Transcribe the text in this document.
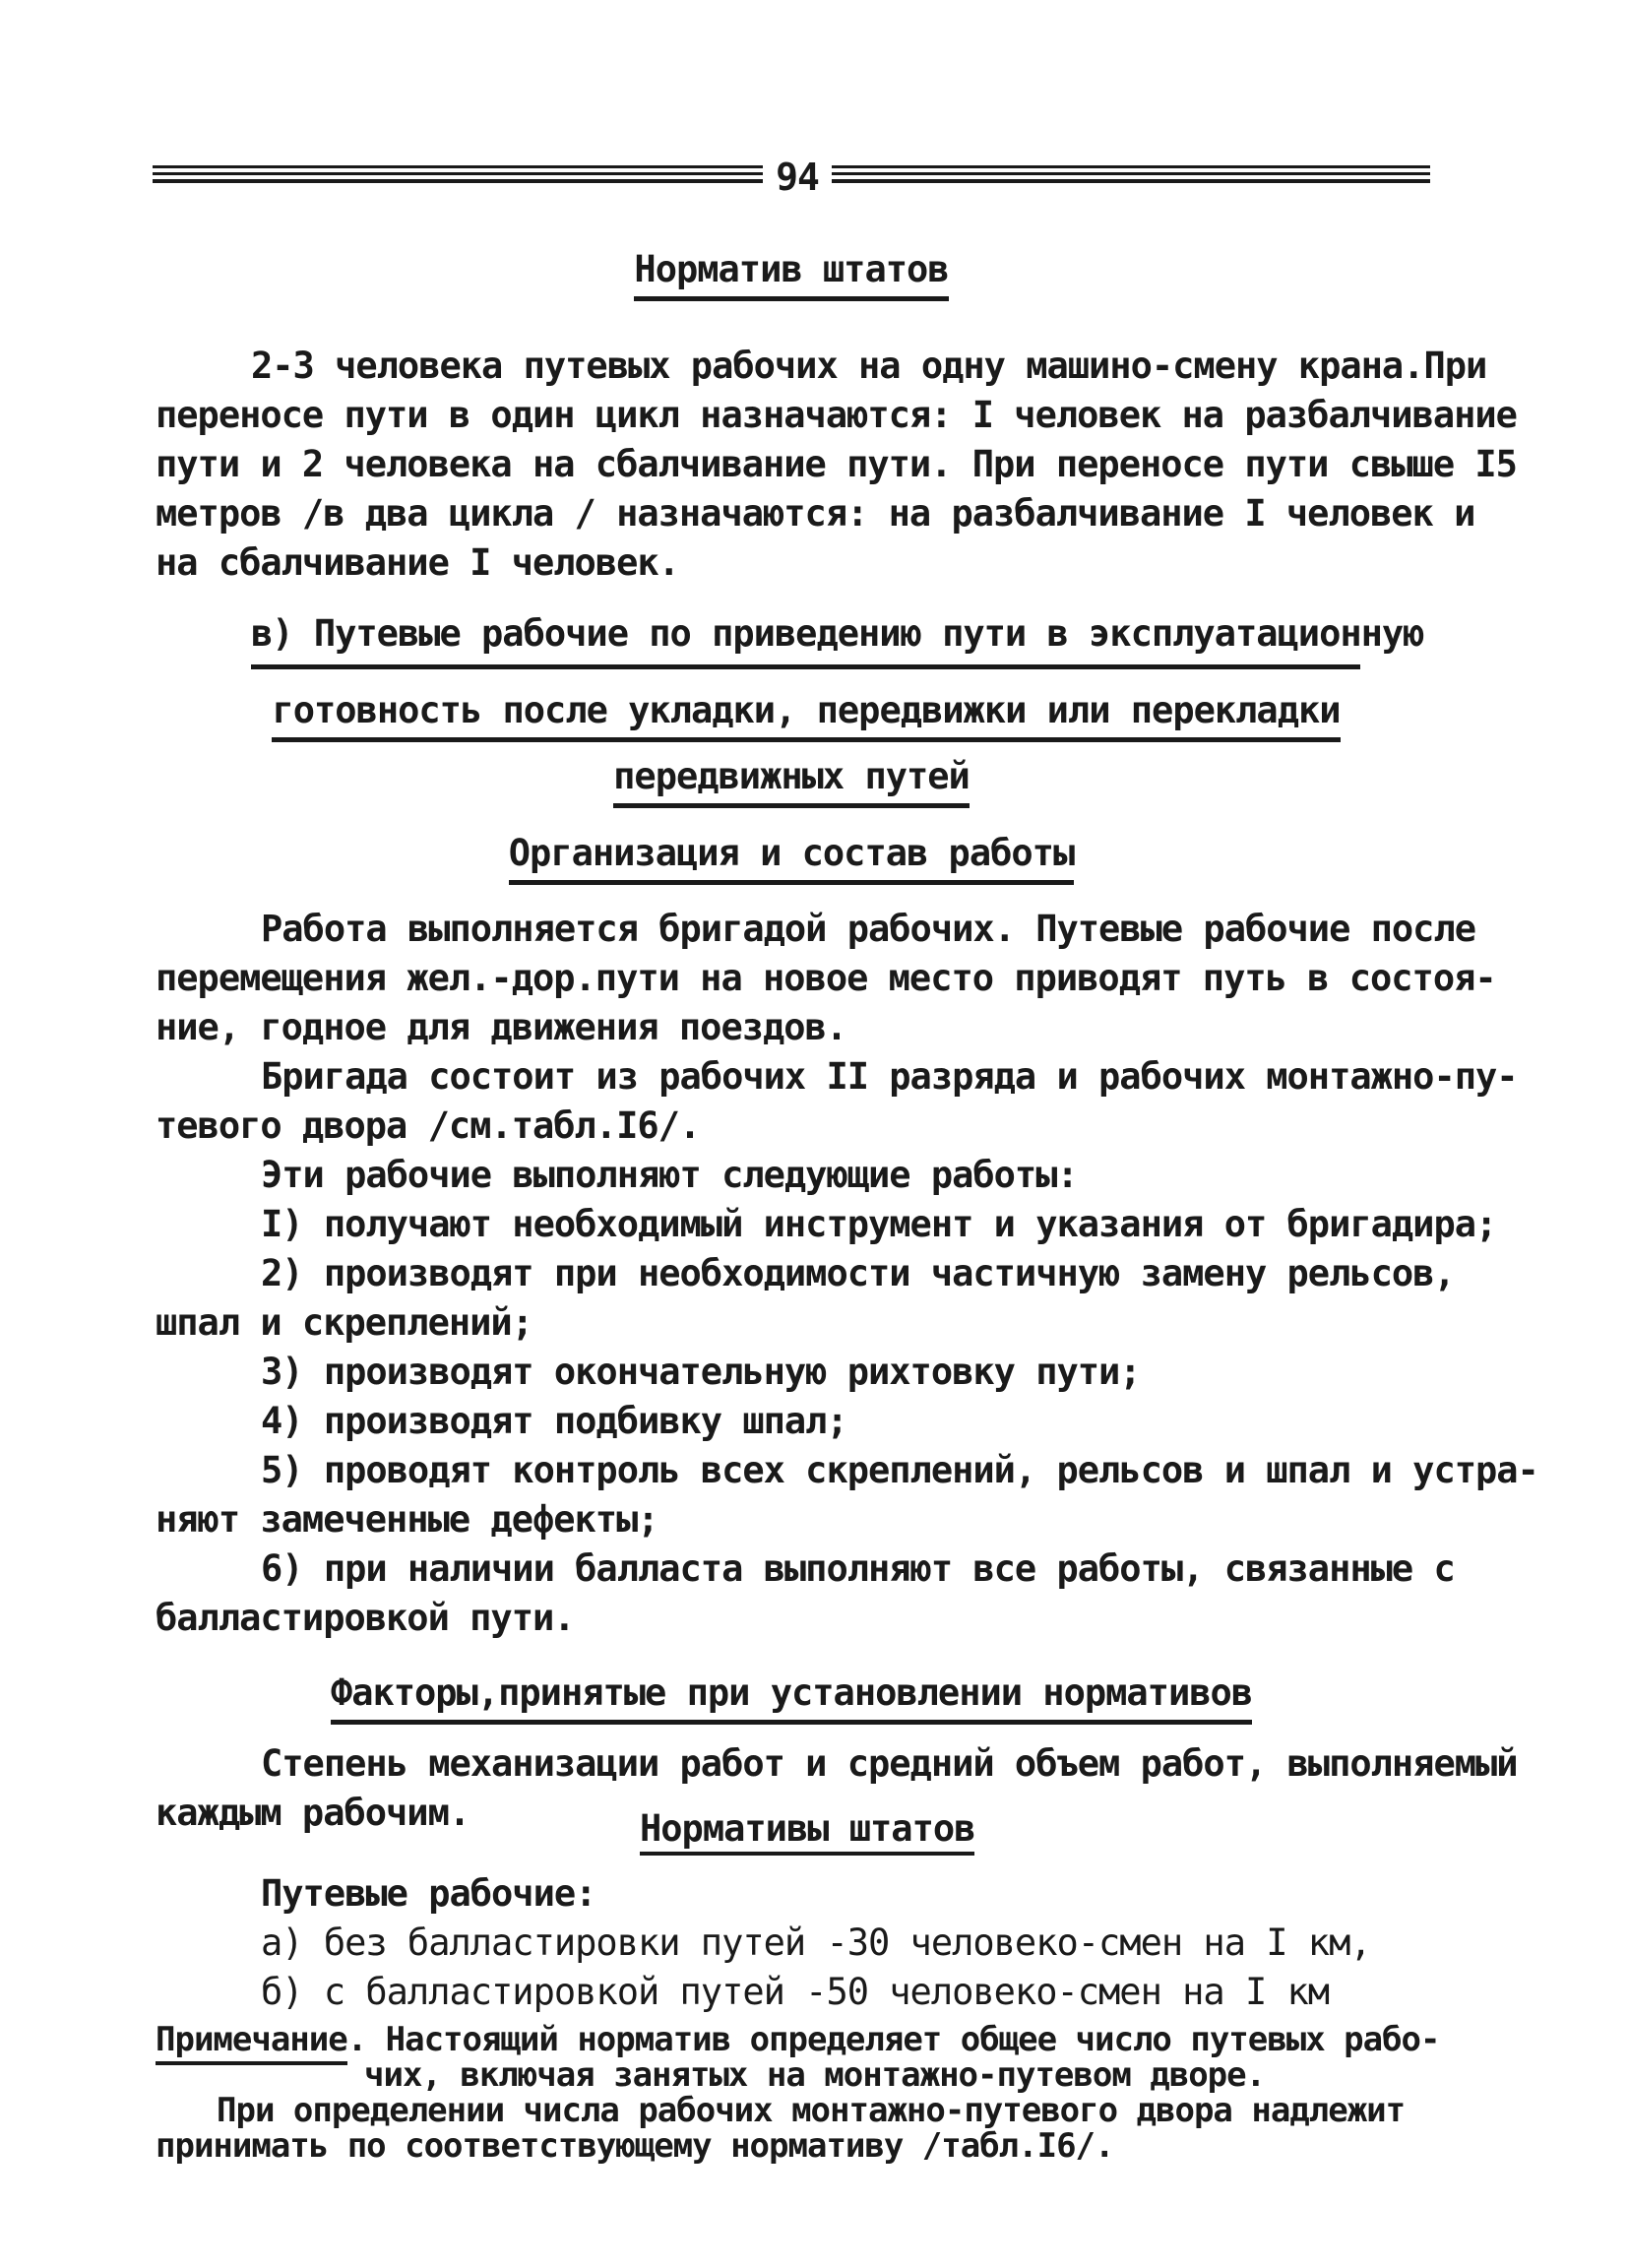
94
Норматив штатов
2-3 человека путевых рабочих на одну машино-смену крана.При
переносе пути в один цикл назначаются: I человек на разбалчивание
пути и 2 человека на сбалчивание пути. При переносе пути свыше I5
метров /в два цикла / назначаются: на разбалчивание I человек и
на сбалчивание I человек.
в) Путевые рабочие по приведению пути в эксплуатационную
готовность после укладки, передвижки или перекладки
передвижных путей
Организация и состав работы
Работа выполняется бригадой рабочих. Путевые рабочие после
перемещения жел.-дор.пути на новое место приводят путь в состоя-
ние, годное для движения поездов.
Бригада состоит из рабочих II разряда и рабочих монтажно-пу-
тевого двора /см.табл.I6/.
Эти рабочие выполняют следующие работы:
I) получают необходимый инструмент и указания от бригадира;
2) производят при необходимости частичную замену рельсов,
шпал и скреплений;
3) производят окончательную рихтовку пути;
4) производят подбивку шпал;
5) проводят контроль всех скреплений, рельсов и шпал и устра-
няют замеченные дефекты;
6) при наличии балласта выполняют все работы, связанные с
балластировкой пути.
Факторы,принятые при установлении нормативов
Степень механизации работ и средний объем работ, выполняемый
каждым рабочим.	Нормативы штатов
Путевые рабочие:
а) без балластировки путей -30 человеко-смен на I км,
б) с балластировкой путей -50 человеко-смен на I км
Примечание. Настоящий норматив определяет общее число путевых рабо-
чих, включая занятых на монтажно-путевом дворе.
При определении числа рабочих монтажно-путевого двора надлежит
принимать по соответствующему нормативу /табл.I6/.
